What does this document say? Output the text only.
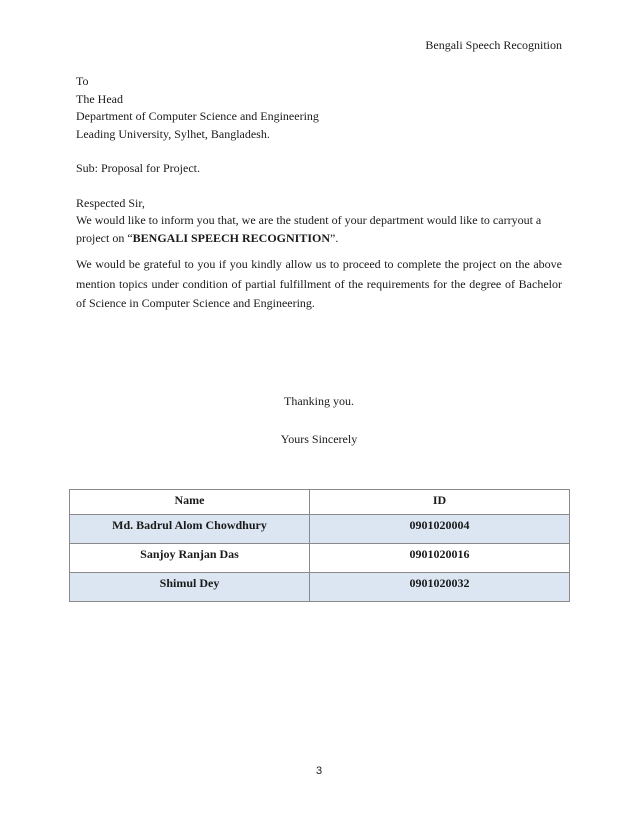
Bengali Speech Recognition
To
The Head
Department of Computer Science and Engineering
Leading University, Sylhet, Bangladesh.
Sub: Proposal for Project.
Respected Sir,
We would like to inform you that, we are the student of your department would like to carryout a
project on “BENGALI SPEECH RECOGNITION”.
We would be grateful to you if you kindly allow us to proceed to complete the project on the above mention topics under condition of partial fulfillment of the requirements for the degree of Bachelor of Science in Computer Science and Engineering.
Thanking you.
Yours Sincerely
Name	ID
Md. Badrul Alom Chowdhury	0901020004
Sanjoy Ranjan Das	0901020016
Shimul Dey	0901020032
3
